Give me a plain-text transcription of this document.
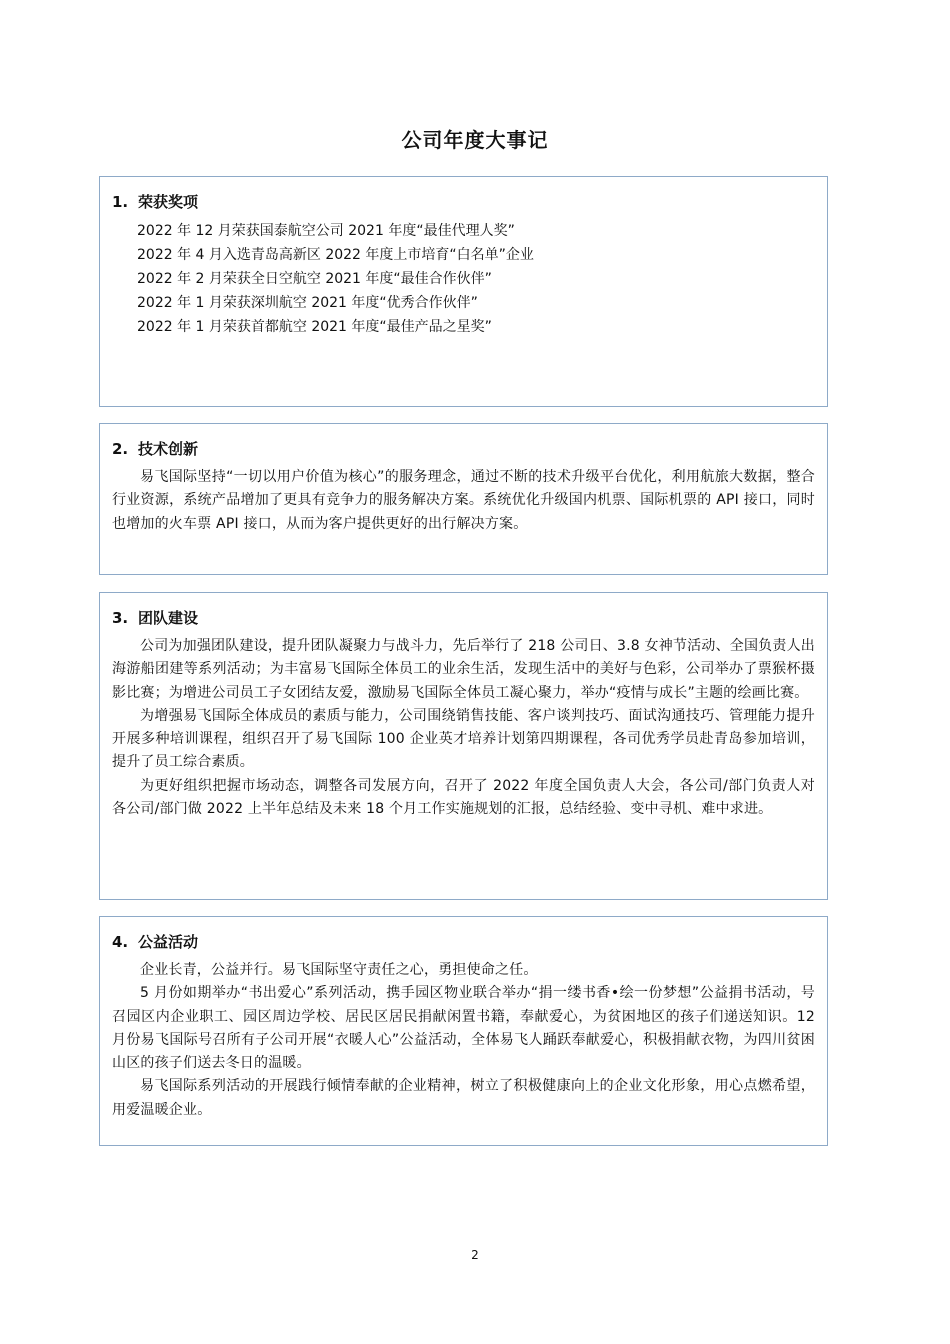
公司年度大事记
1. 荣获奖项
2022 年 12 月荣获国泰航空公司 2021 年度“最佳代理人奖”
2022 年 4 月入选青岛高新区 2022 年度上市培育“白名单”企业
2022 年 2 月荣获全日空航空 2021 年度“最佳合作伙伴”
2022 年 1 月荣获深圳航空 2021 年度“优秀合作伙伴”
2022 年 1 月荣获首都航空 2021 年度“最佳产品之星奖”
2. 技术创新

易飞国际坚持“一切以用户价值为核心”的服务理念，通过不断的技术升级平台优化，利用航旅大数据，整合行业资源，系统产品增加了更具有竞争力的服务解决方案。系统优化升级国内机票、国际机票的 API 接口，同时也增加的火车票 API 接口，从而为客户提供更好的出行解决方案。

3. 团队建设

公司为加强团队建设，提升团队凝聚力与战斗力，先后举行了 218 公司日、3.8 女神节活动、全国负责人出海游船团建等系列活动；为丰富易飞国际全体员工的业余生活，发现生活中的美好与色彩，公司举办了票猴杯摄影比赛；为增进公司员工子女团结友爱，激励易飞国际全体员工凝心聚力，举办“疫情与成长”主题的绘画比赛。

为增强易飞国际全体成员的素质与能力，公司围绕销售技能、客户谈判技巧、面试沟通技巧、管理能力提升开展多种培训课程，组织召开了易飞国际 100 企业英才培养计划第四期课程，各司优秀学员赴青岛参加培训，提升了员工综合素质。

为更好组织把握市场动态，调整各司发展方向，召开了 2022 年度全国负责人大会，各公司/部门负责人对各公司/部门做 2022 上半年总结及未来 18 个月工作实施规划的汇报，总结经验、变中寻机、难中求进。

4. 公益活动

企业长青，公益并行。易飞国际坚守责任之心，勇担使命之任。

5 月份如期举办“书出爱心”系列活动，携手园区物业联合举办“捐一缕书香•绘一份梦想”公益捐书活动，号召园区内企业职工、园区周边学校、居民区居民捐献闲置书籍，奉献爱心，为贫困地区的孩子们递送知识。12 月份易飞国际号召所有子公司开展“衣暖人心”公益活动，全体易飞人踊跃奉献爱心，积极捐献衣物，为四川贫困山区的孩子们送去冬日的温暖。

易飞国际系列活动的开展践行倾情奉献的企业精神，树立了积极健康向上的企业文化形象，用心点燃希望，用爱温暖企业。

2
